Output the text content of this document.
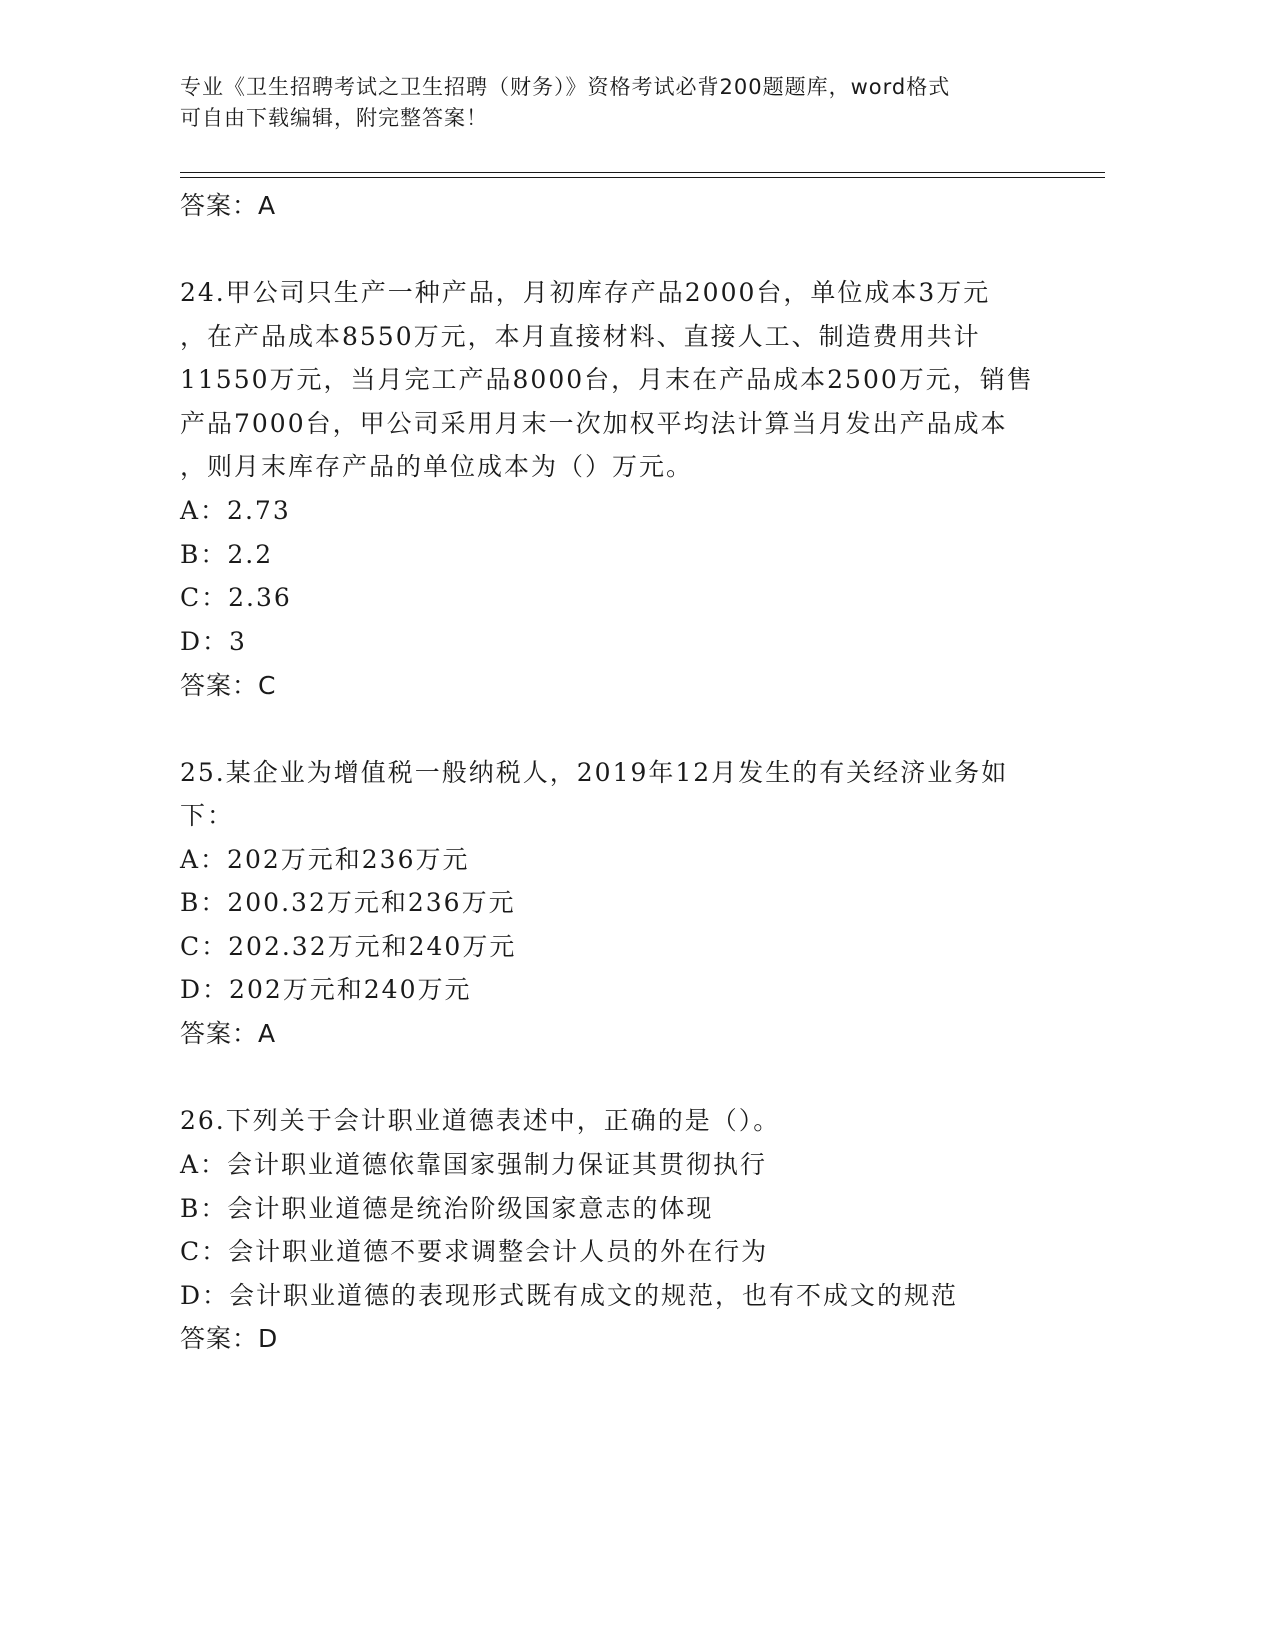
专业《卫生招聘考试之卫生招聘（财务）》资格考试必背200题题库，word格式
可自由下载编辑，附完整答案！
答案：A
24.甲公司只生产一种产品，月初库存产品2000台，单位成本3万元
，在产品成本8550万元，本月直接材料、直接人工、制造费用共计
11550万元，当月完工产品8000台，月末在产品成本2500万元，销售
产品7000台，甲公司采用月末一次加权平均法计算当月发出产品成本
，则月末库存产品的单位成本为（）万元。
A：2.73
B：2.2
C：2.36
D：3
答案：C
25.某企业为增值税一般纳税人，2019年12月发生的有关经济业务如
下：
A：202万元和236万元
B：200.32万元和236万元
C：202.32万元和240万元
D：202万元和240万元
答案：A
26.下列关于会计职业道德表述中，正确的是（）。
A：会计职业道德依靠国家强制力保证其贯彻执行
B：会计职业道德是统治阶级国家意志的体现
C：会计职业道德不要求调整会计人员的外在行为
D：会计职业道德的表现形式既有成文的规范，也有不成文的规范
答案：D
